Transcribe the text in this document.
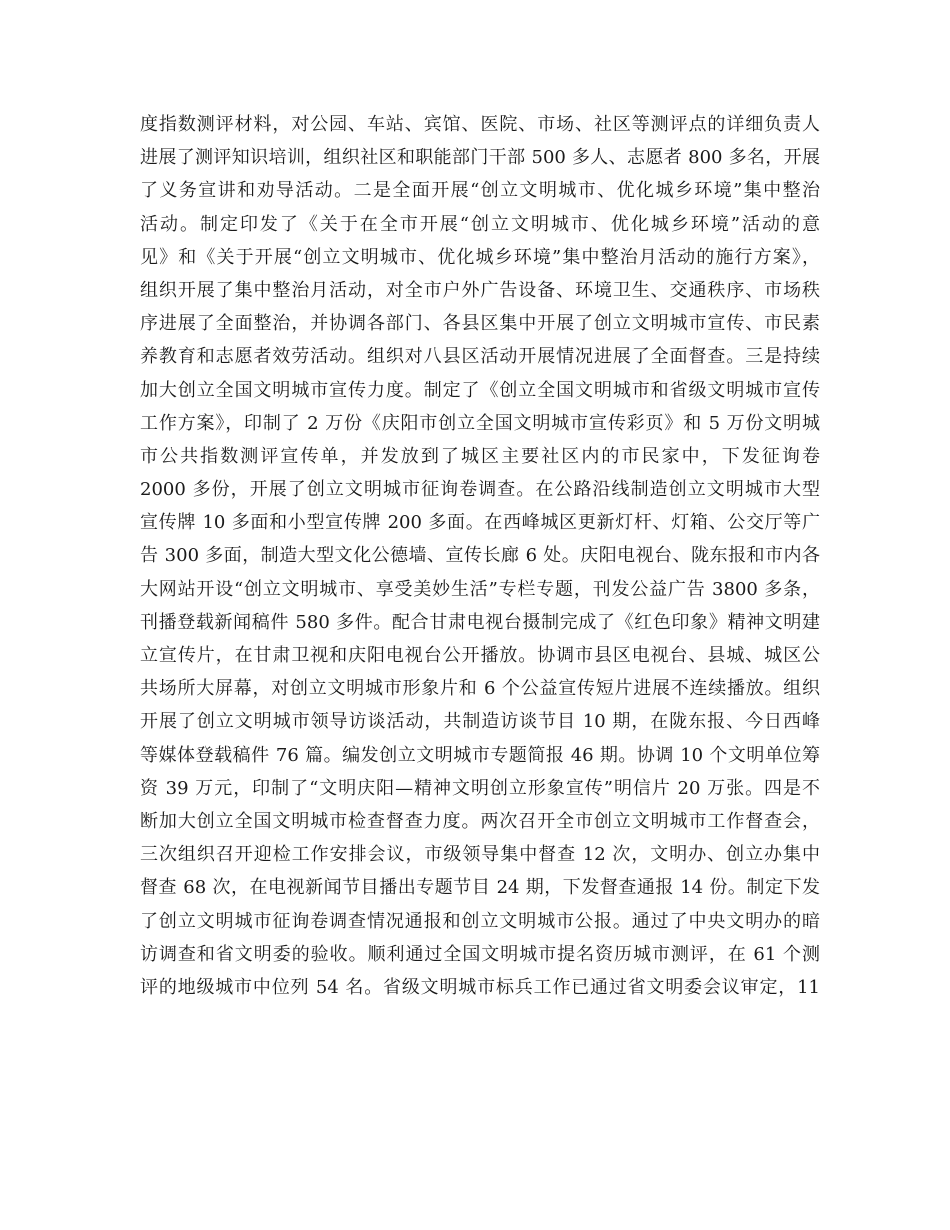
度指数测评材料，对公园、车站、宾馆、医院、市场、社区等测评点的详细负责人
进展了测评知识培训，组织社区和职能部门干部 500 多人、志愿者 800 多名，开展
了义务宣讲和劝导活动。二是全面开展“创立文明城市、优化城乡环境”集中整治
活动。制定印发了《关于在全市开展“创立文明城市、优化城乡环境”活动的意
见》和《关于开展“创立文明城市、优化城乡环境”集中整治月活动的施行方案》，
组织开展了集中整治月活动，对全市户外广告设备、环境卫生、交通秩序、市场秩
序进展了全面整治，并协调各部门、各县区集中开展了创立文明城市宣传、市民素
养教育和志愿者效劳活动。组织对八县区活动开展情况进展了全面督查。三是持续
加大创立全国文明城市宣传力度。制定了《创立全国文明城市和省级文明城市宣传
工作方案》，印制了 2 万份《庆阳市创立全国文明城市宣传彩页》和 5 万份文明城
市公共指数测评宣传单，并发放到了城区主要社区内的市民家中，下发征询卷
2000 多份，开展了创立文明城市征询卷调查。在公路沿线制造创立文明城市大型
宣传牌 10 多面和小型宣传牌 200 多面。在西峰城区更新灯杆、灯箱、公交厅等广
告 300 多面，制造大型文化公德墙、宣传长廊 6 处。庆阳电视台、陇东报和市内各
大网站开设“创立文明城市、享受美妙生活”专栏专题，刊发公益广告 3800 多条，
刊播登载新闻稿件 580 多件。配合甘肃电视台摄制完成了《红色印象》精神文明建
立宣传片，在甘肃卫视和庆阳电视台公开播放。协调市县区电视台、县城、城区公
共场所大屏幕，对创立文明城市形象片和 6 个公益宣传短片进展不连续播放。组织
开展了创立文明城市领导访谈活动，共制造访谈节目 10 期，在陇东报、今日西峰
等媒体登载稿件 76 篇。编发创立文明城市专题简报 46 期。协调 10 个文明单位筹
资 39 万元，印制了“文明庆阳—精神文明创立形象宣传”明信片 20 万张。四是不
断加大创立全国文明城市检查督查力度。两次召开全市创立文明城市工作督查会，
三次组织召开迎检工作安排会议，市级领导集中督查 12 次，文明办、创立办集中
督查 68 次，在电视新闻节目播出专题节目 24 期，下发督查通报 14 份。制定下发
了创立文明城市征询卷调查情况通报和创立文明城市公报。通过了中央文明办的暗
访调查和省文明委的验收。顺利通过全国文明城市提名资历城市测评，在 61 个测
评的地级城市中位列 54 名。省级文明城市标兵工作已通过省文明委会议审定，11
